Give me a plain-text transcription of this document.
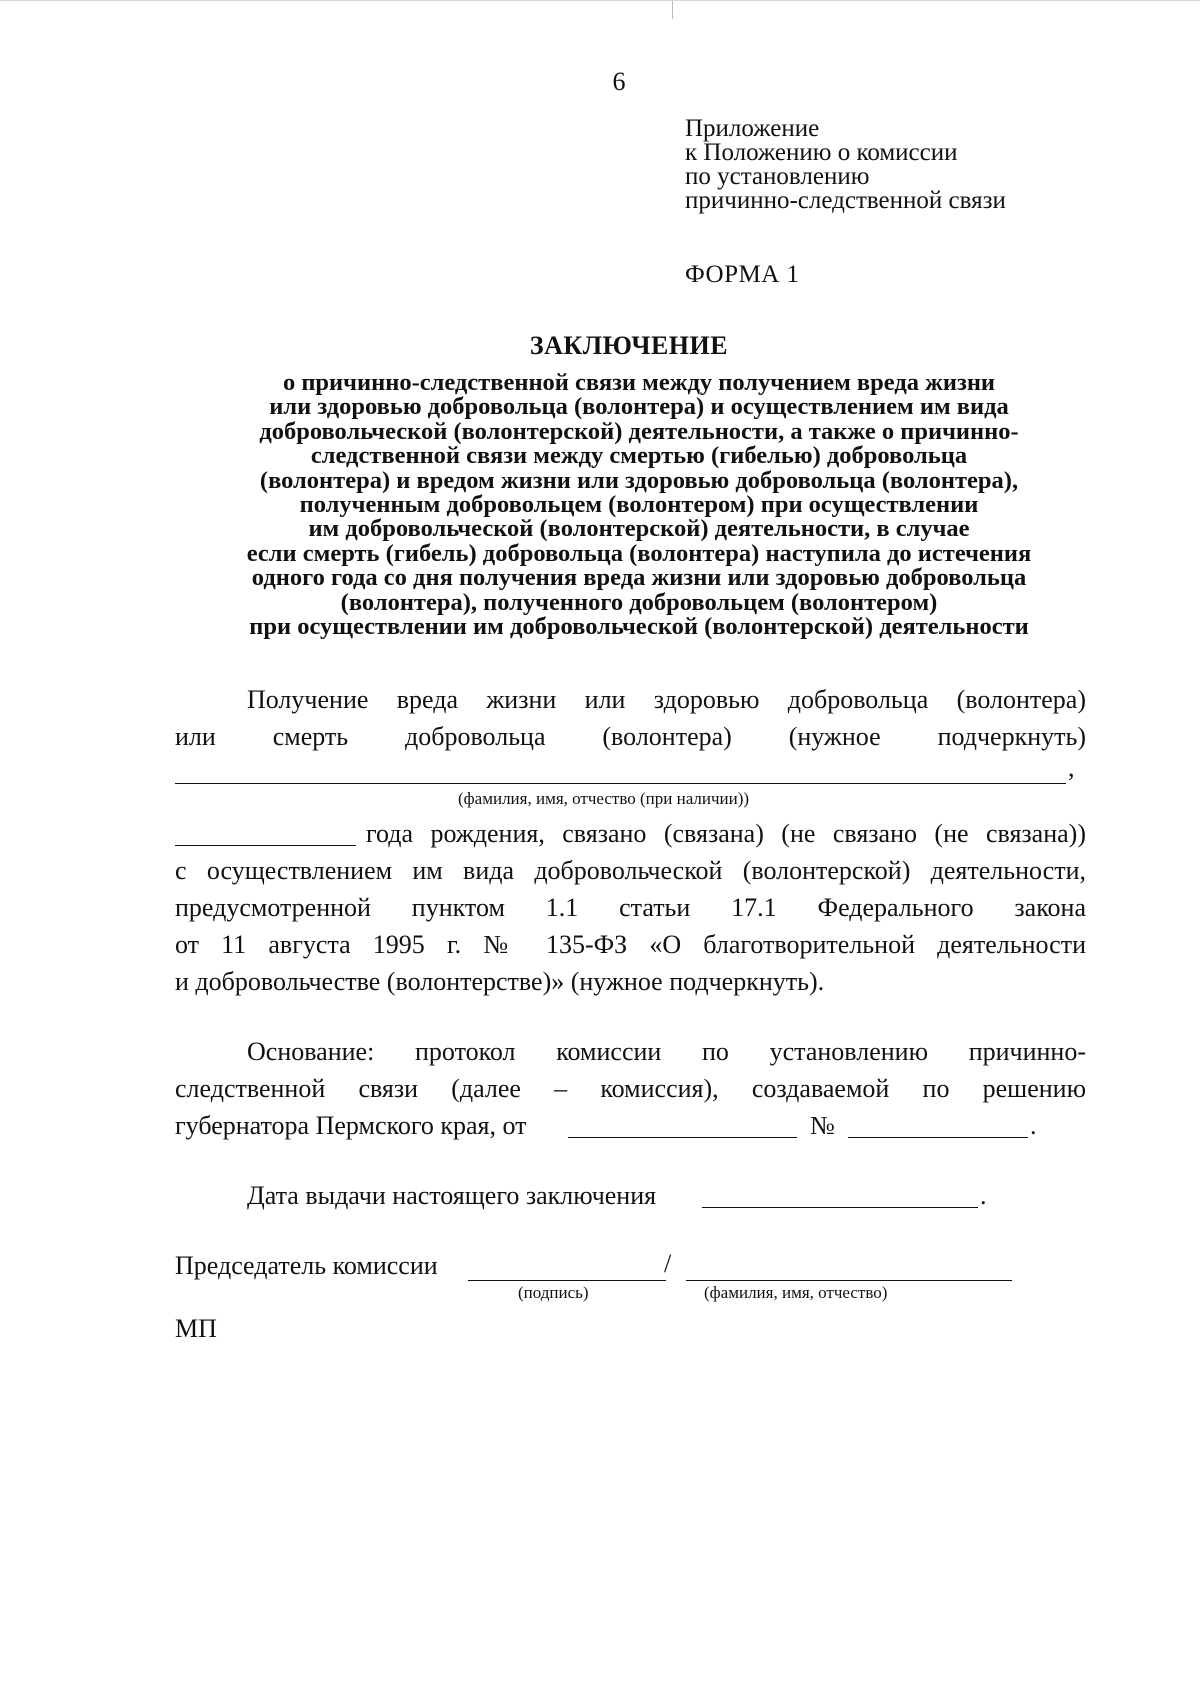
6
Приложение
к Положению о комиссии
по установлению
причинно-следственной связи
ФОРМА 1
ЗАКЛЮЧЕНИЕ
о причинно-следственной связи между получением вреда жизни
или здоровью добровольца (волонтера) и осуществлением им вида
добровольческой (волонтерской) деятельности, а также о причинно-
следственной связи между смертью (гибелью) добровольца
(волонтера) и вредом жизни или здоровью добровольца (волонтера),
полученным добровольцем (волонтером) при осуществлении
им добровольческой (волонтерской) деятельности, в случае
если смерть (гибель) добровольца (волонтера) наступила до истечения
одного года со дня получения вреда жизни или здоровью добровольца
(волонтера), полученного добровольцем (волонтером)
при осуществлении им добровольческой (волонтерской) деятельности
Получение вреда жизни или здоровью добровольца (волонтера)
или смерть добровольца (волонтера) (нужное подчеркнуть)
,
(фамилия, имя, отчество (при наличии))
года рождения, связано (связана) (не связано (не связана))
с осуществлением им вида добровольческой (волонтерской) деятельности,
предусмотренной пунктом 1.1 статьи 17.1 Федерального закона
от 11 августа 1995 г. № 135-ФЗ «О благотворительной деятельности
и добровольчестве (волонтерстве)» (нужное подчеркнуть).
Основание: протокол комиссии по установлению причинно-
следственной связи (далее – комиссия), создаваемой по решению
губернатора Пермского края, от	№	.
Дата выдачи настоящего заключения	.
Председатель комиссии	/
(подпись)	(фамилия, имя, отчество)
МП
